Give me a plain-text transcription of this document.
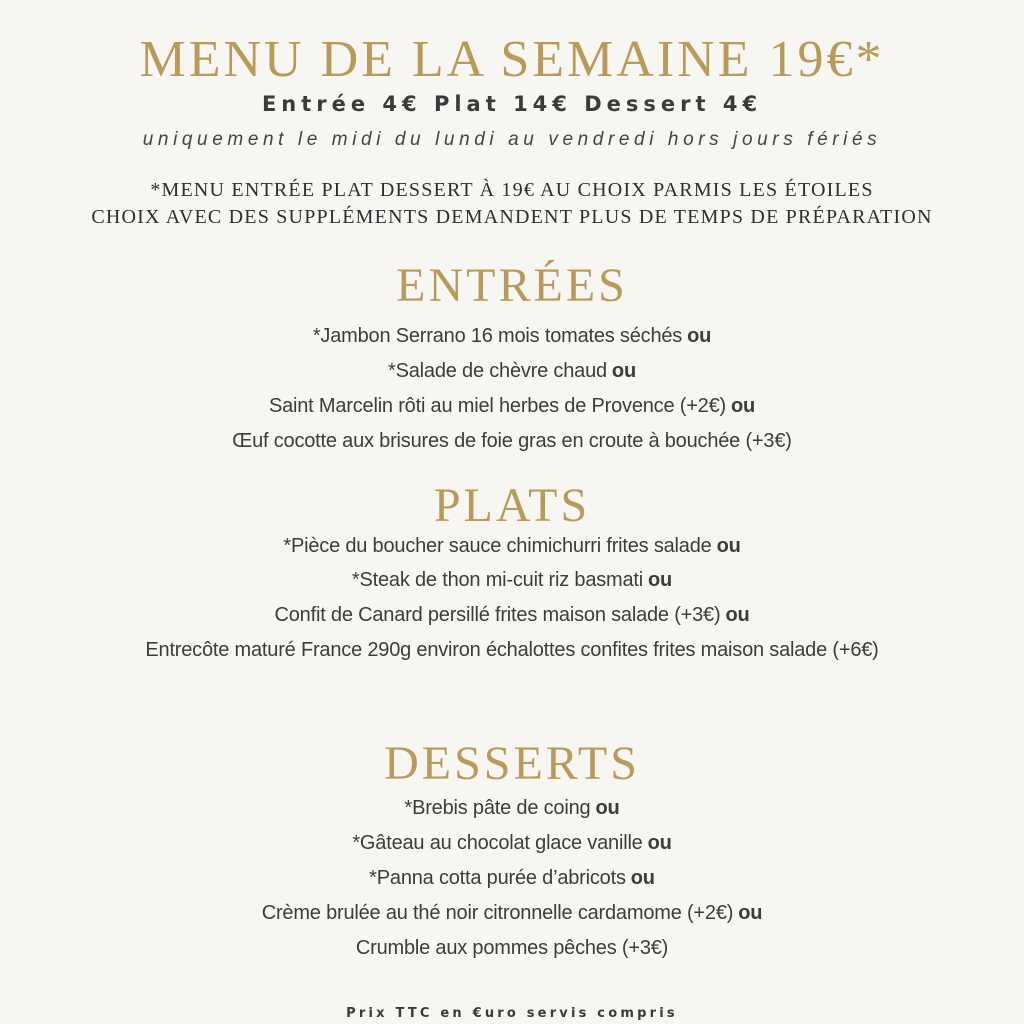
MENU DE LA SEMAINE 19€*
Entrée 4€ Plat 14€ Dessert 4€
uniquement le midi du lundi au vendredi hors jours fériés
*MENU ENTRÉE PLAT DESSERT À 19€ AU CHOIX PARMIS LES ÉTOILES
CHOIX AVEC DES SUPPLÉMENTS DEMANDENT PLUS DE TEMPS DE PRÉPARATION
ENTRÉES
*Jambon Serrano 16 mois tomates séchés ou
*Salade de chèvre chaud ou
Saint Marcelin rôti au miel herbes de Provence (+2€) ou
Œuf cocotte aux brisures de foie gras en croute à bouchée (+3€)
PLATS
*Pièce du boucher sauce chimichurri frites salade ou
*Steak de thon mi-cuit riz basmati ou
Confit de Canard persillé frites maison salade (+3€) ou
Entrecôte maturé France 290g environ échalottes confites frites maison salade (+6€)
DESSERTS
*Brebis pâte de coing ou
*Gâteau au chocolat glace vanille ou
*Panna cotta purée d’abricots ou
Crème brulée au thé noir citronnelle cardamome (+2€) ou
Crumble aux pommes pêches (+3€)
Prix TTC en €uro servis compris
